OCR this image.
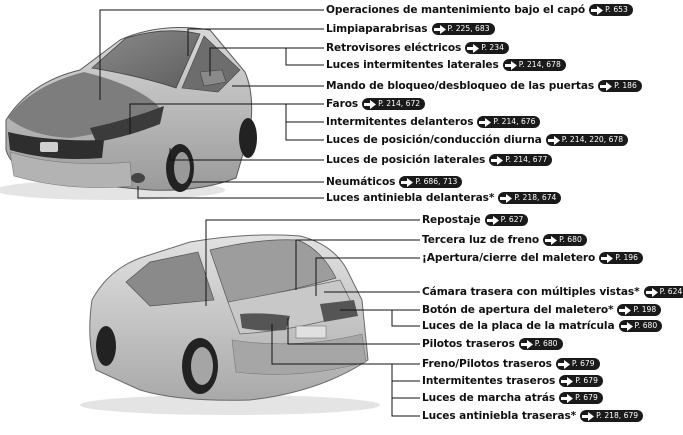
Operaciones de mantenimiento bajo el capó	P. 653
Limpiaparabrisas	P. 225, 683
Retrovisores eléctricos	P. 234
Luces intermitentes laterales	P. 214, 678
Mando de bloqueo/desbloqueo de las puertas	P. 186
Faros	P. 214, 672
Intermitentes delanteros	P. 214, 676
Luces de posición/conducción diurna	P. 214, 220, 678
Luces de posición laterales	P. 214, 677
Neumáticos	P. 686, 713
Luces antiniebla delanteras*	P. 218, 674
Repostaje	P. 627
Tercera luz de freno	P. 680
¡Apertura/cierre del maletero	P. 196
Cámara trasera con múltiples vistas*	P. 624
Botón de apertura del maletero*	P. 198
Luces de la placa de la matrícula	P. 680
Pilotos traseros	P. 680
Freno/Pilotos traseros	P. 679
Intermitentes traseros	P. 679
Luces de marcha atrás	P. 679
Luces antiniebla traseras*	P. 218, 679
